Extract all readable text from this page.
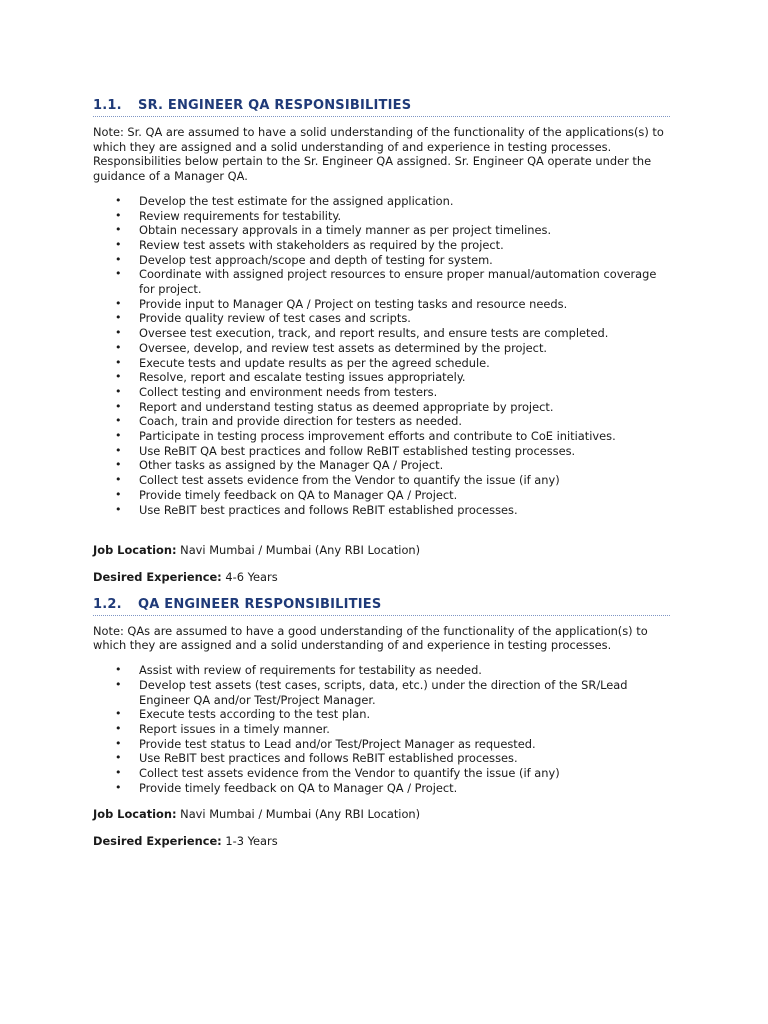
1.1.	SR. ENGINEER QA RESPONSIBILITIES

Note: Sr. QA are assumed to have a solid understanding of the functionality of the applications(s) to which they are assigned and a solid understanding of and experience in testing processes. Responsibilities below pertain to the Sr. Engineer QA assigned. Sr. Engineer QA operate under the guidance of a Manager QA.

• Develop the test estimate for the assigned application.
• Review requirements for testability.
• Obtain necessary approvals in a timely manner as per project timelines.
• Review test assets with stakeholders as required by the project.
• Develop test approach/scope and depth of testing for system.
• Coordinate with assigned project resources to ensure proper manual/automation coverage for project.
• Provide input to Manager QA / Project on testing tasks and resource needs.
• Provide quality review of test cases and scripts.
• Oversee test execution, track, and report results, and ensure tests are completed.
• Oversee, develop, and review test assets as determined by the project.
• Execute tests and update results as per the agreed schedule.
• Resolve, report and escalate testing issues appropriately.
• Collect testing and environment needs from testers.
• Report and understand testing status as deemed appropriate by project.
• Coach, train and provide direction for testers as needed.
• Participate in testing process improvement efforts and contribute to CoE initiatives.
• Use ReBIT QA best practices and follow ReBIT established testing processes.
• Other tasks as assigned by the Manager QA / Project.
• Collect test assets evidence from the Vendor to quantify the issue (if any)
• Provide timely feedback on QA to Manager QA / Project.
• Use ReBIT best practices and follows ReBIT established processes.
Job Location: Navi Mumbai / Mumbai (Any RBI Location)
Desired Experience: 4-6 Years
1.2.	QA ENGINEER RESPONSIBILITIES

Note: QAs are assumed to have a good understanding of the functionality of the application(s) to which they are assigned and a solid understanding of and experience in testing processes.

• Assist with review of requirements for testability as needed.
• Develop test assets (test cases, scripts, data, etc.) under the direction of the SR/Lead Engineer QA and/or Test/Project Manager.
• Execute tests according to the test plan.
• Report issues in a timely manner.
• Provide test status to Lead and/or Test/Project Manager as requested.
• Use ReBIT best practices and follows ReBIT established processes.
• Collect test assets evidence from the Vendor to quantify the issue (if any)
• Provide timely feedback on QA to Manager QA / Project.
Job Location: Navi Mumbai / Mumbai (Any RBI Location)
Desired Experience: 1-3 Years
